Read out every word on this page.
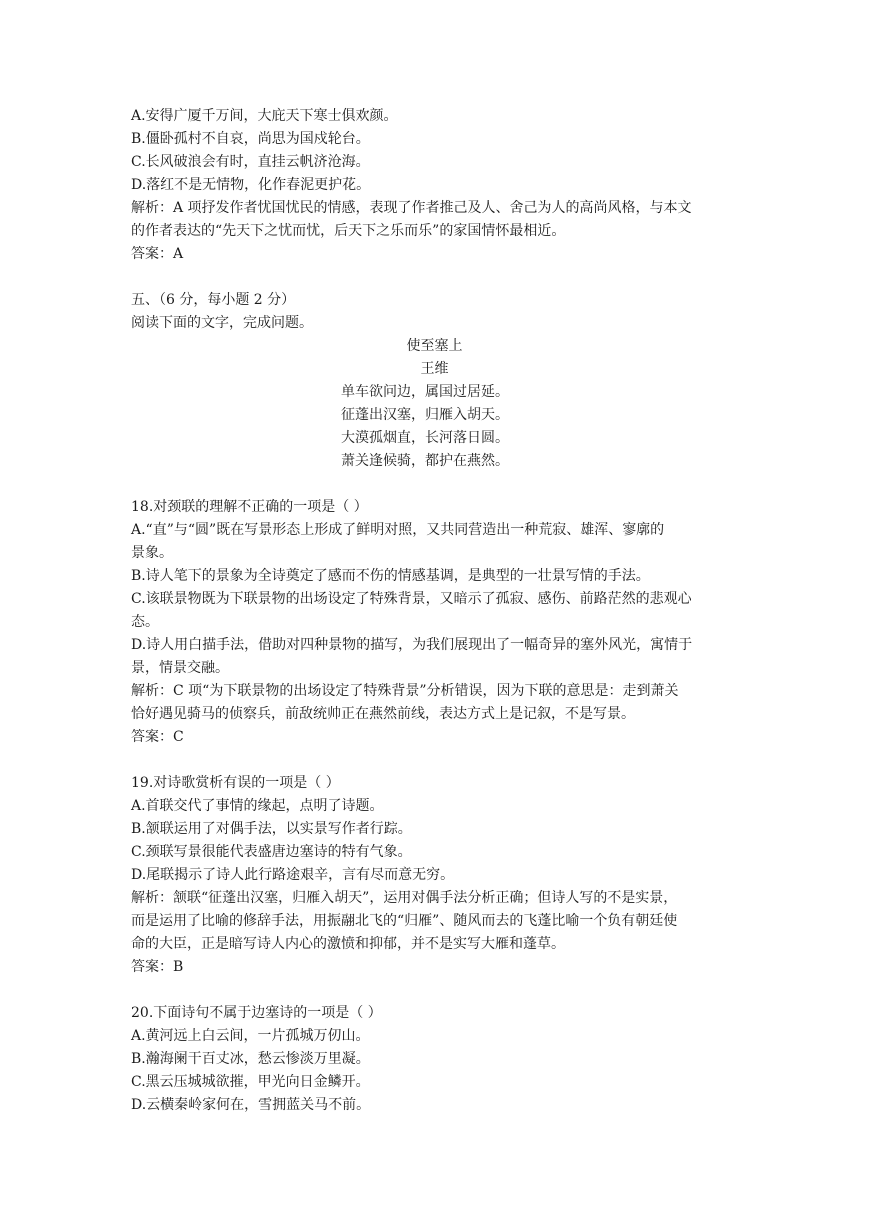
A.安得广厦千万间，大庇天下寒士俱欢颜。
B.僵卧孤村不自哀，尚思为国戍轮台。
C.长风破浪会有时，直挂云帆济沧海。
D.落红不是无情物，化作春泥更护花。
解析：A 项抒发作者忧国忧民的情感，表现了作者推己及人、舍己为人的高尚风格，与本文
的作者表达的“先天下之忧而忧，后天下之乐而乐”的家国情怀最相近。
答案：A
五、（6 分，每小题 2 分）
阅读下面的文字，完成问题。
使至塞上
王维
单车欲问边，属国过居延。
征蓬出汉塞，归雁入胡天。
大漠孤烟直，长河落日圆。
萧关逢候骑，都护在燕然。
18.对颈联的理解不正确的一项是（ ）
A.“直”与“圆”既在写景形态上形成了鲜明对照，又共同营造出一种荒寂、雄浑、寥廓的
景象。
B.诗人笔下的景象为全诗奠定了感而不伤的情感基调，是典型的一壮景写情的手法。
C.该联景物既为下联景物的出场设定了特殊背景，又暗示了孤寂、感伤、前路茫然的悲观心
态。
D.诗人用白描手法，借助对四种景物的描写，为我们展现出了一幅奇异的塞外风光，寓情于
景，情景交融。
解析：C 项“为下联景物的出场设定了特殊背景”分析错误，因为下联的意思是：走到萧关
恰好遇见骑马的侦察兵，前敌统帅正在燕然前线，表达方式上是记叙，不是写景。
答案：C
19.对诗歌赏析有误的一项是（ ）
A.首联交代了事情的缘起，点明了诗题。
B.颔联运用了对偶手法，以实景写作者行踪。
C.颈联写景很能代表盛唐边塞诗的特有气象。
D.尾联揭示了诗人此行路途艰辛，言有尽而意无穷。
解析：颔联“征蓬出汉塞，归雁入胡天”，运用对偶手法分析正确；但诗人写的不是实景，
而是运用了比喻的修辞手法，用振翮北飞的“归雁”、随风而去的飞蓬比喻一个负有朝廷使
命的大臣，正是暗写诗人内心的激愤和抑郁，并不是实写大雁和蓬草。
答案：B
20.下面诗句不属于边塞诗的一项是（ ）
A.黄河远上白云间，一片孤城万仞山。
B.瀚海阑干百丈冰，愁云惨淡万里凝。
C.黑云压城城欲摧，甲光向日金鳞开。
D.云横秦岭家何在，雪拥蓝关马不前。
